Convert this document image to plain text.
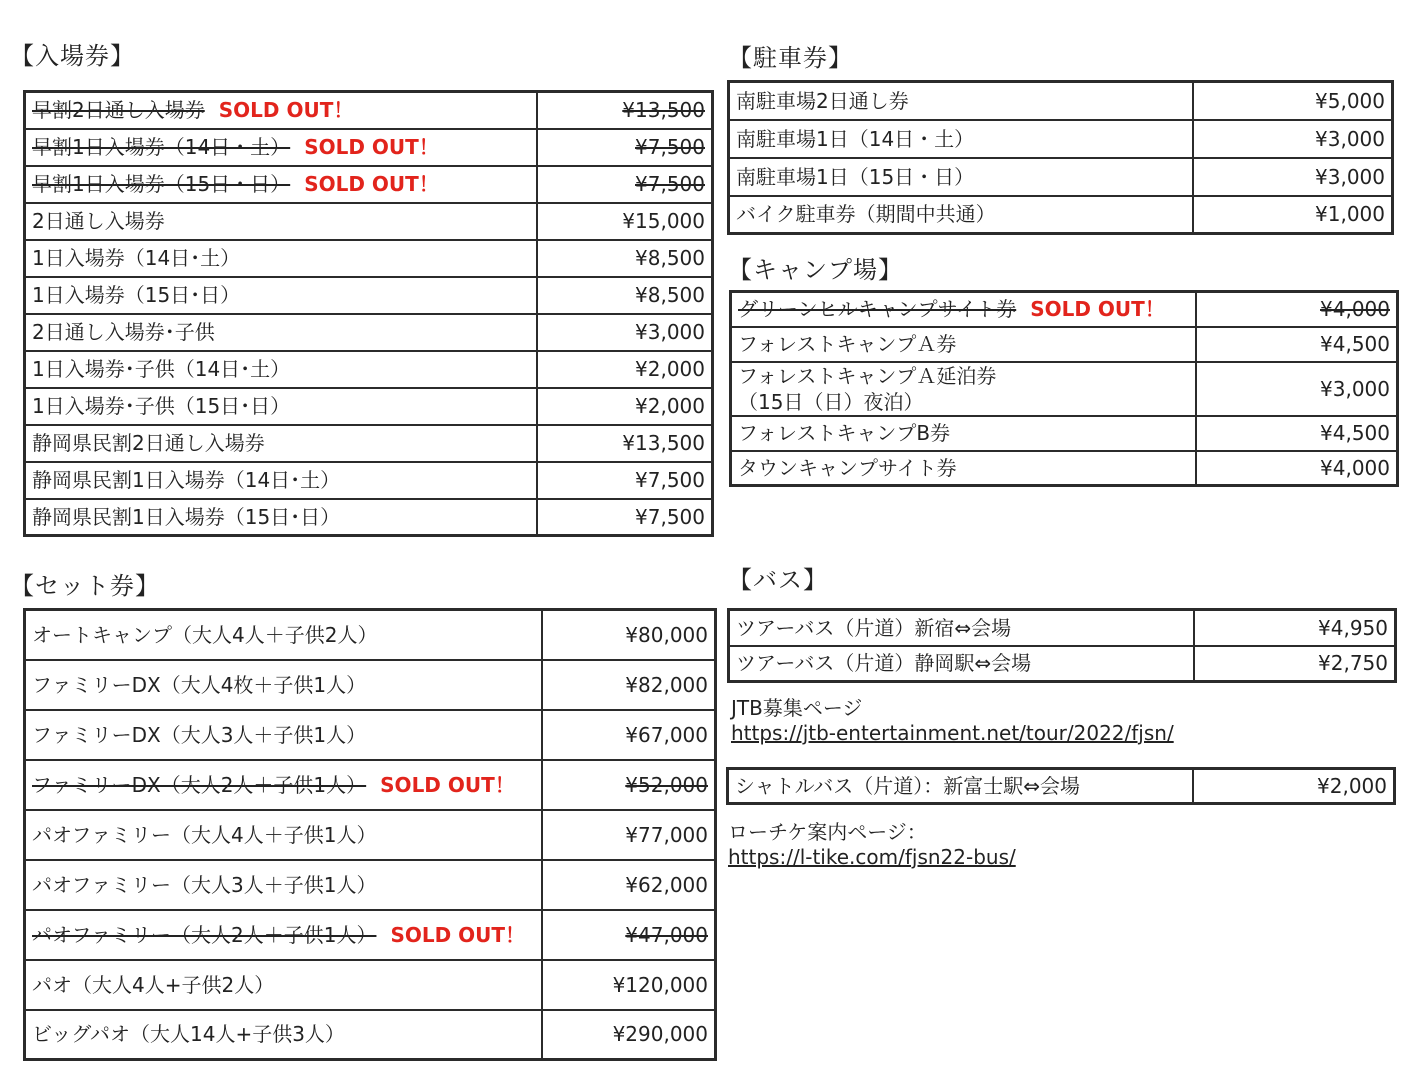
【入場券】
早割2日通し入場券 SOLD OUT！	¥13,500
早割1日入場券（14日・土） SOLD OUT！	¥7,500
早割1日入場券（15日・日） SOLD OUT！	¥7,500
2日通し入場券	¥15,000
1日入場券（14日･土）	¥8,500
1日入場券（15日･日）	¥8,500
2日通し入場券･子供	¥3,000
1日入場券･子供（14日･土）	¥2,000
1日入場券･子供（15日･日）	¥2,000
静岡県民割2日通し入場券	¥13,500
静岡県民割1日入場券（14日･土）	¥7,500
静岡県民割1日入場券（15日･日）	¥7,500
【セット券】
オートキャンプ（大人4人＋子供2人）	¥80,000
ファミリーDX（大人4枚＋子供1人）	¥82,000
ファミリーDX（大人3人＋子供1人）	¥67,000
ファミリーDX（大人2人＋子供1人） SOLD OUT！	¥52,000
パオファミリー（大人4人＋子供1人）	¥77,000
パオファミリー（大人3人＋子供1人）	¥62,000
パオファミリー（大人2人＋子供1人） SOLD OUT！	¥47,000
パオ（大人4人+子供2人）	¥120,000
ビッグパオ（大人14人+子供3人）	¥290,000
【駐車券】
南駐車場2日通し券	¥5,000
南駐車場1日（14日・土）	¥3,000
南駐車場1日（15日・日）	¥3,000
バイク駐車券（期間中共通）	¥1,000
【キャンプ場】
グリーンヒルキャンプサイト券 SOLD OUT！	¥4,000
フォレストキャンプＡ券	¥4,500
フォレストキャンプＡ延泊券
（15日（日）夜泊）	¥3,000
フォレストキャンプB券	¥4,500
タウンキャンプサイト券	¥4,000
【バス】
ツアーバス（片道）新宿⇔会場	¥4,950
ツアーバス（片道）静岡駅⇔会場	¥2,750
JTB募集ページ
https://jtb-entertainment.net/tour/2022/fjsn/
シャトルバス（片道）：新富士駅⇔会場	¥2,000
ローチケ案内ページ：
https://l-tike.com/fjsn22-bus/
